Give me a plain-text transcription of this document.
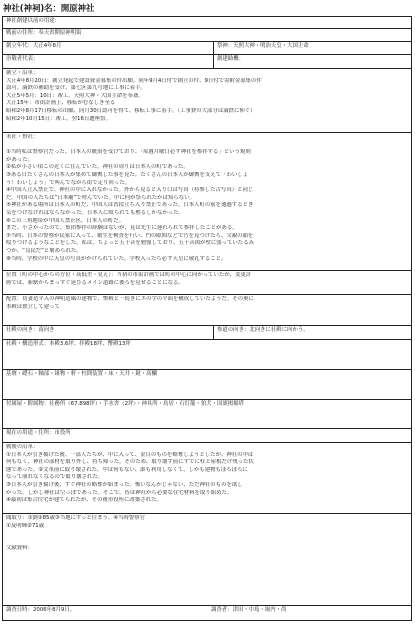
神社(神祠)名：開原神社
神社創建以前の用途：
戦前の住所：奉天省開原神明街
創立年代：大正4年8月	祭神：天照大神・明治天皇・大国主命
崇敬者代表：	創建勧機：
創立・沿革：
大正4年8月20日：創立発起で建設資金募集の件出願。同年9月4日付で創立の件、9日付で寄附金募集の件
認可。満鉄の補助を受け、第七区第九号地に工事に着手。
大正5年5月：10日：竣工。天照大神・大国主命を奉斎。
大正15年：市街計画上、移転がむなしき至る
昭和2年8月17日移転の出願、同月30日認可を得て、移転工事に着手。（工事費の大部分は満鉄に仰ぐ）
昭和2年10月15日：竣工。翌16日遷座祭。
末社・摂社：
①当時私は警察官だった。日本人の統治を受けており、「毎週月曜日必ず神社を参拝する」という規則
があった。
②私が小さい頃この近くに住んでいた。神社の周りは日本人の町であった。
③ある日たくさんの日本人が集めて御輿した事を見た。たくさんの日本人が御輿を支えて「わいしょ
う！わいしょう」で叫んでながら街で走り回った。
④中国人立入禁止で、神社の中に入れなかった。外から見ると入り口は写真（持参した古写真）と同じ
だ。中国の人たちは“日本廟”で呼んでいた。中に何が祭られたかは知らない。
⑤神社がある場所は日本人の町だ、中国人は普段立ち入り禁止であった。日本人町の前を通過するとき
気をつけなければならなかった。日本人に殴られても黙るしかなかった。
⑥この三角地帯が中国人禁止区、日本人の町だ。
まだ、小さかったので、集団参拝の経験はないが、見は先生に連れられて参拝したことがある。
⑦当時、日本の警察が民家に入って、衛生を検査を行い、門の隙間などで汚を見つけたら、父親の顔を
殴りつけるようなことをした。私は、ちょっと五十音を勉強しており、五十音図が壁に張っていたるみ
つか、“良民だ”と褒められた。
⑧当時、学校の中に天皇の写真がかけられていた。学校入ったら必ず天皇に敬礼すること。
位置（町の中心からの方位・高低差・見え）：当初の市街計画では町の中心に向かっていたが、変更計
画では、新駅からまっすぐ延びるメイン道路に後ろを見せることになる。
配置：切妻造平入の神明造風の建物で、幣殿と一続きにエの字の平面を構成していたようだ。その奥に
本殿は独立して建って
社殿の向き：南向き	参道の向き：北向きに社殿に向かう。
社殿・構造形式：本殿3.6坪、拝殿18坪、幣殿13坪
基壇・礎石・軸部・組物・軒・柱間装置・床・天井・鎹・高欄
付属屋・附属物：社務所（67.898坪）・手水舎（2坪）・神具所・鳥居・石灯籠・狛犬・国旗掲揚塔
現在の用途・住所：市役所
戦後の沿革：
①日本人が引き揚げた後、一部人たちが、中に入って、金目のものを略奪しようとしたが、神社の中は
何もなく、神社の部材を取り外し、持ち帰った。そのため、取り壊す前にすでに柱と屋根だけ残った状
態であった。②文革前に取り壊された。中は何もない、誰も利用しなくて、しかも建物もぼろぼろに
なって崩れなくなるので取り壊された。
③日本人が引き揚げ後、すぐ神社の略奪が始まった。怖いなんかじゃない、ただ神社のものを欲し
かった。しかし神社は空っぽであった。そこで、皆は神社から必要な住宅材料を取り始めた。
④最初は集合住宅が建てられたが、その後市役所に改築された。
聞取り：①劉②85歳③当地にずっと住まう。④当時警察官
①及明輝②71歳
文献資料：
調査日時：2006年8月9日。	調査者：津田・中島・堀内・尚
